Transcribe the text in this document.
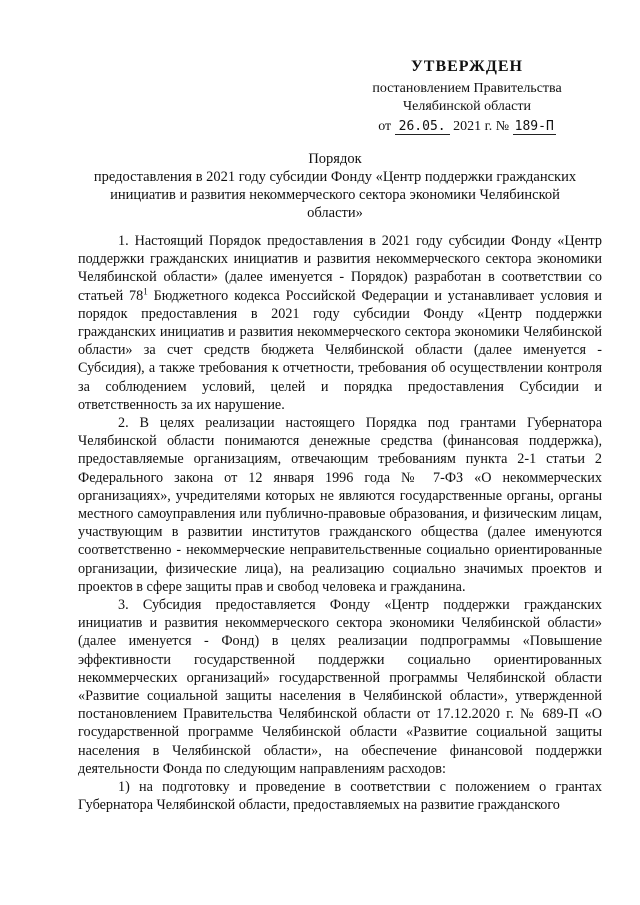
УТВЕРЖДЕН
постановлением Правительства
Челябинской области
от 26.05. 2021 г. № 189-П
Порядок
предоставления в 2021 году субсидии Фонду «Центр поддержки гражданских
инициатив и развития некоммерческого сектора экономики Челябинской
области»

1. Настоящий Порядок предоставления в 2021 году субсидии Фонду «Центр поддержки гражданских инициатив и развития некоммерческого сектора экономики Челябинской области» (далее именуется - Порядок) разработан в соответствии со статьей $78^1$ Бюджетного кодекса Российской Федерации и устанавливает условия и порядок предоставления в 2021 году субсидии Фонду «Центр поддержки гражданских инициатив и развития некоммерческого сектора экономики Челябинской области» за счет средств бюджета Челябинской области (далее именуется - Субсидия), а также требования к отчетности, требования об осуществлении контроля за соблюдением условий, целей и порядка предоставления Субсидии и ответственность за их нарушение.

2. В целях реализации настоящего Порядка под грантами Губернатора Челябинской области понимаются денежные средства (финансовая поддержка), предоставляемые организациям, отвечающим требованиям пункта 2-1 статьи 2 Федерального закона от 12 января 1996 года № 7-ФЗ «О некоммерческих организациях», учредителями которых не являются государственные органы, органы местного самоуправления или публично-правовые образования, и физическим лицам, участвующим в развитии институтов гражданского общества (далее именуются соответственно - некоммерческие неправительственные социально ориентированные организации, физические лица), на реализацию социально значимых проектов и проектов в сфере защиты прав и свобод человека и гражданина.

3. Субсидия предоставляется Фонду «Центр поддержки гражданских инициатив и развития некоммерческого сектора экономики Челябинской области» (далее именуется - Фонд) в целях реализации подпрограммы «Повышение эффективности государственной поддержки социально ориентированных некоммерческих организаций» государственной программы Челябинской области «Развитие социальной защиты населения в Челябинской области», утвержденной постановлением Правительства Челябинской области от 17.12.2020 г. № 689-П «О государственной программе Челябинской области «Развитие социальной защиты населения в Челябинской области», на обеспечение финансовой поддержки деятельности Фонда по следующим направлениям расходов:

1) на подготовку и проведение в соответствии с положением о грантах Губернатора Челябинской области, предоставляемых на развитие гражданского
